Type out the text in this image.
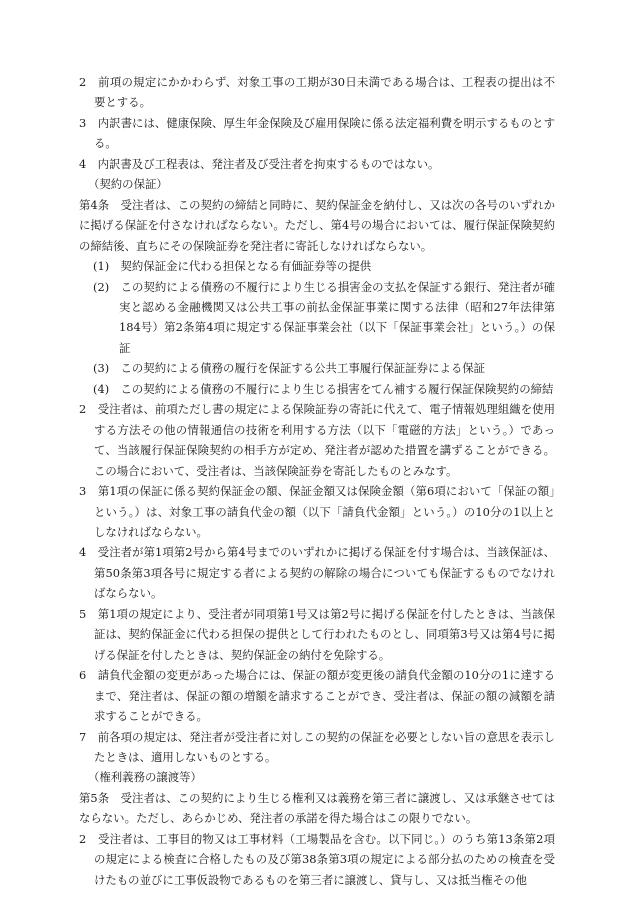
2　前項の規定にかかわらず、対象工事の工期が30日未満である場合は、工程表の提出は不要とする。

3　内訳書には、健康保険、厚生年金保険及び雇用保険に係る法定福利費を明示するものとする。

4　内訳書及び工程表は、発注者及び受注者を拘束するものではない。

（契約の保証）

第4条　受注者は、この契約の締結と同時に、契約保証金を納付し、又は次の各号のいずれかに掲げる保証を付さなければならない。ただし、第4号の場合においては、履行保証保険契約の締結後、直ちにその保険証券を発注者に寄託しなければならない。

(1)　契約保証金に代わる担保となる有価証券等の提供

(2)　この契約による債務の不履行により生じる損害金の支払を保証する銀行、発注者が確実と認める金融機関又は公共工事の前払金保証事業に関する法律（昭和27年法律第184号）第2条第4項に規定する保証事業会社（以下「保証事業会社」という。）の保証

(3)　この契約による債務の履行を保証する公共工事履行保証証券による保証

(4)　この契約による債務の不履行により生じる損害をてん補する履行保証保険契約の締結

2　受注者は、前項ただし書の規定による保険証券の寄託に代えて、電子情報処理組織を使用する方法その他の情報通信の技術を利用する方法（以下「電磁的方法」という。）であって、当該履行保証保険契約の相手方が定め、発注者が認めた措置を講ずることができる。この場合において、受注者は、当該保険証券を寄託したものとみなす。

3　第1項の保証に係る契約保証金の額、保証金額又は保険金額（第6項において「保証の額」という。）は、対象工事の請負代金の額（以下「請負代金額」という。）の10分の1以上としなければならない。

4　受注者が第1項第2号から第4号までのいずれかに掲げる保証を付す場合は、当該保証は、第50条第3項各号に規定する者による契約の解除の場合についても保証するものでなければならない。

5　第1項の規定により、受注者が同項第1号又は第2号に掲げる保証を付したときは、当該保証は、契約保証金に代わる担保の提供として行われたものとし、同項第3号又は第4号に掲げる保証を付したときは、契約保証金の納付を免除する。

6　請負代金額の変更があった場合には、保証の額が変更後の請負代金額の10分の1に達するまで、発注者は、保証の額の増額を請求することができ、受注者は、保証の額の減額を請求することができる。

7　前各項の規定は、発注者が受注者に対しこの契約の保証を必要としない旨の意思を表示したときは、適用しないものとする。

（権利義務の譲渡等）

第5条　受注者は、この契約により生じる権利又は義務を第三者に譲渡し、又は承継させてはならない。ただし、あらかじめ、発注者の承諾を得た場合はこの限りでない。

2　受注者は、工事目的物又は工事材料（工場製品を含む。以下同じ。）のうち第13条第2項の規定による検査に合格したもの及び第38条第3項の規定による部分払のための検査を受けたもの並びに工事仮設物であるものを第三者に譲渡し、貸与し、又は抵当権その他
